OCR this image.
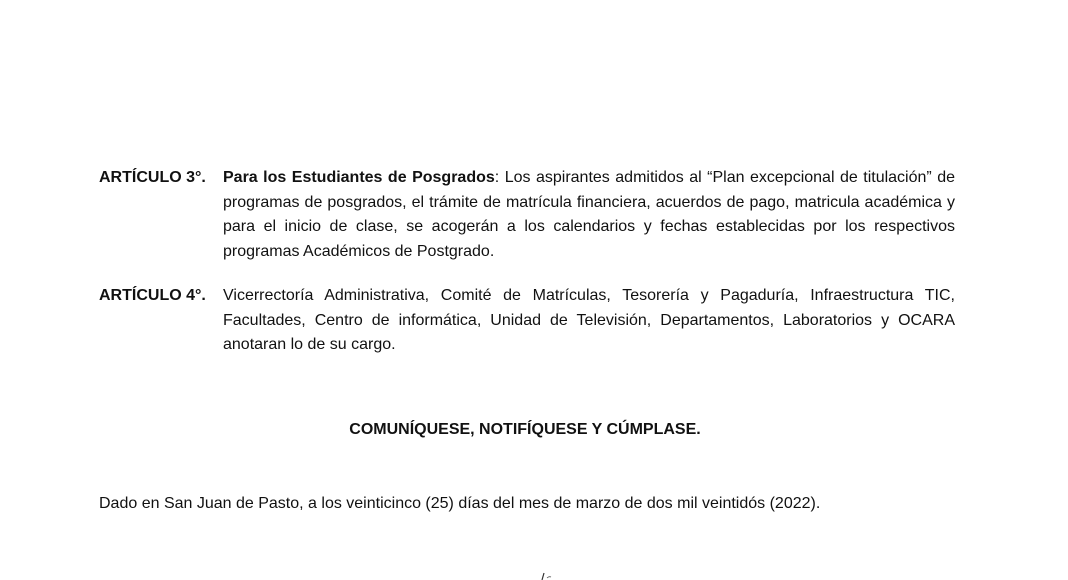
ARTÍCULO 3°.	Para los Estudiantes de Posgrados: Los aspirantes admitidos al “Plan excepcional de titulación” de programas de posgrados, el trámite de matrícula financiera, acuerdos de pago, matricula académica y para el inicio de clase, se acogerán a los calendarios y fechas establecidas por los respectivos programas Académicos de Postgrado.
ARTÍCULO 4°.	Vicerrectoría Administrativa, Comité de Matrículas, Tesorería y Pagaduría, Infraestructura TIC, Facultades, Centro de informática, Unidad de Televisión, Departamentos, Laboratorios y OCARA anotaran lo de su cargo.
COMUNÍQUESE, NOTIFÍQUESE Y CÚMPLASE.
Dado en San Juan de Pasto, a los veinticinco (25) días del mes de marzo de dos mil veintidós (2022).
